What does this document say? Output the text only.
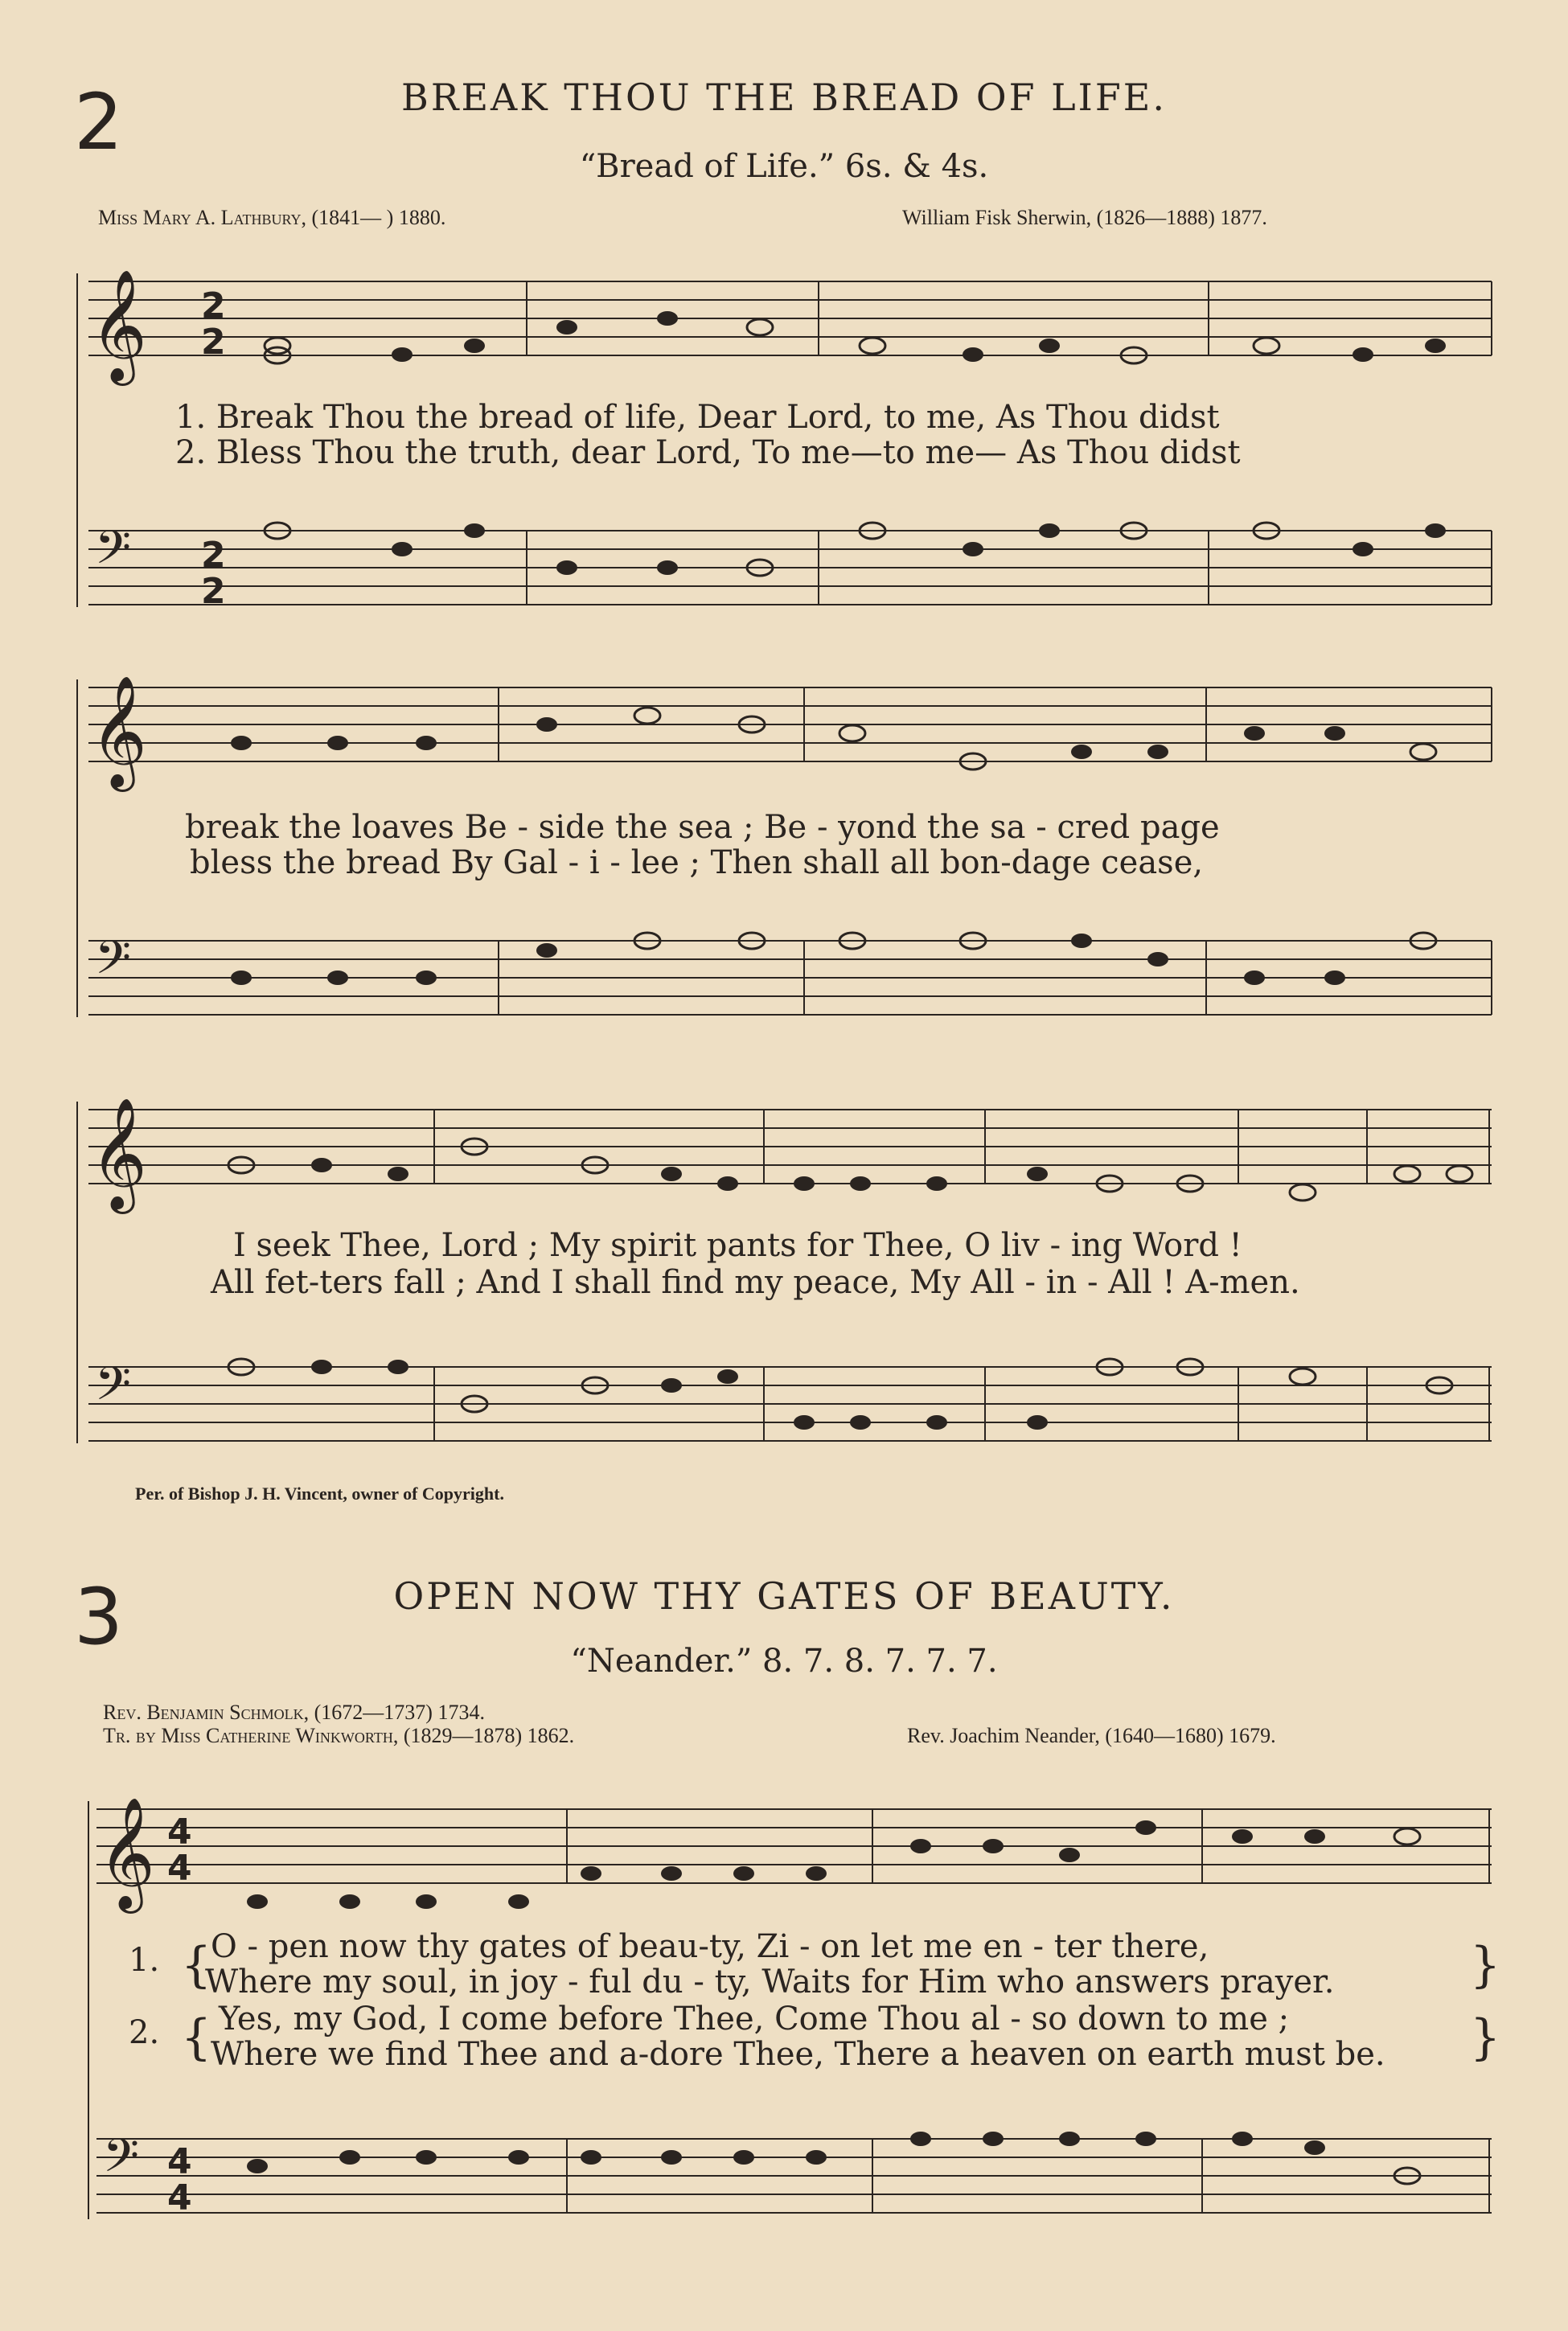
2	BREAK THOU THE BREAD OF LIFE.
“Bread of Life.” 6s. & 4s.
Miss Mary A. Lathbury, (1841— ) 1880.	William Fisk Sherwin, (1826—1888) 1877.
𝄞
𝄢
2
2
2
2
𝄞
𝄢
𝄞
𝄢
𝄞
𝄢
4
4
4
4
1. Break Thou the bread of life, Dear Lord, to me, As Thou didst
2. Bless Thou the truth, dear Lord, To me—to me— As Thou didst
break the loaves Be - side the sea ; Be - yond the sa - cred page
bless the bread By Gal - i - lee ; Then shall all bon-dage cease,
I seek Thee, Lord ; My spirit pants for Thee, O liv - ing Word !
All fet-ters fall ; And I shall find my peace, My All - in - All ! A-men.
Per. of Bishop J. H. Vincent, owner of Copyright.
3	OPEN NOW THY GATES OF BEAUTY.
“Neander.” 8. 7. 8. 7. 7. 7.
Rev. Benjamin Schmolk, (1672—1737) 1734.
Tr. by Miss Catherine Winkworth, (1829—1878) 1862.	Rev. Joachim Neander, (1640—1680) 1679.
1.
2.
{
{
O - pen now thy gates of beau-ty, Zi - on let me en - ter there,
Where my soul, in joy - ful du - ty, Waits for Him who answers prayer.
Yes, my God, I come before Thee, Come Thou al - so down to me ;
Where we find Thee and a-dore Thee, There a heaven on earth must be.
}
}
